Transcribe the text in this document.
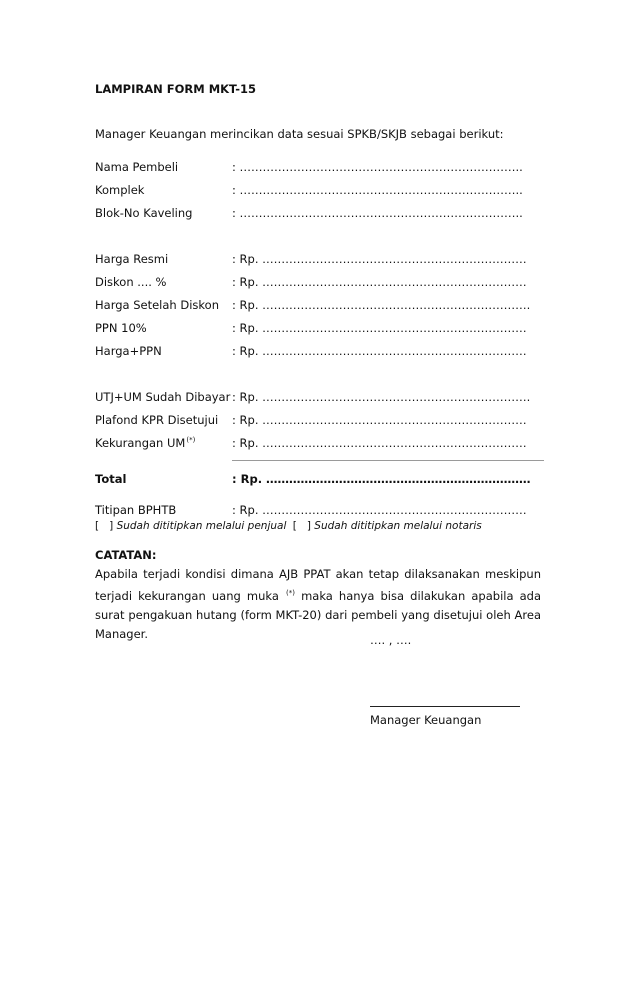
LAMPIRAN FORM MKT-15
Manager Keuangan merincikan data sesuai SPKB/SKJB sebagai berikut:
Nama Pembeli	: ………………………………………………………………..
Komplek	: ………………………………………………………………..
Blok-No Kaveling	: ………………………………………………………………..
Harga Resmi	: Rp. ……………………………………………………………
Diskon .... %	: Rp. ……………………………………………………………
Harga Setelah Diskon : Rp. …………………………………………………………….
PPN 10%	: Rp. ……………………………………………………………
Harga+PPN	: Rp. ……………………………………………………………
UTJ+UM Sudah Dibayar : Rp. …………………………………………………………….
Plafond KPR Disetujui : Rp. ……………………………………………………………
Kekurangan UM(*)	: Rp. ……………………………………………………………
Total	: Rp. ……………………………………………………………
Titipan BPHTB	: Rp. ……………………………………………………………
[   ] Sudah dititipkan melalui penjual [   ] Sudah dititipkan melalui notaris
CATATAN:
Apabila terjadi kondisi dimana AJB PPAT akan tetap dilaksanakan meskipun terjadi kekurangan uang muka (*) maka hanya bisa dilakukan apabila ada surat pengakuan hutang (form MKT-20) dari pembeli yang disetujui oleh Area Manager.	…. , ….
Manager Keuangan
